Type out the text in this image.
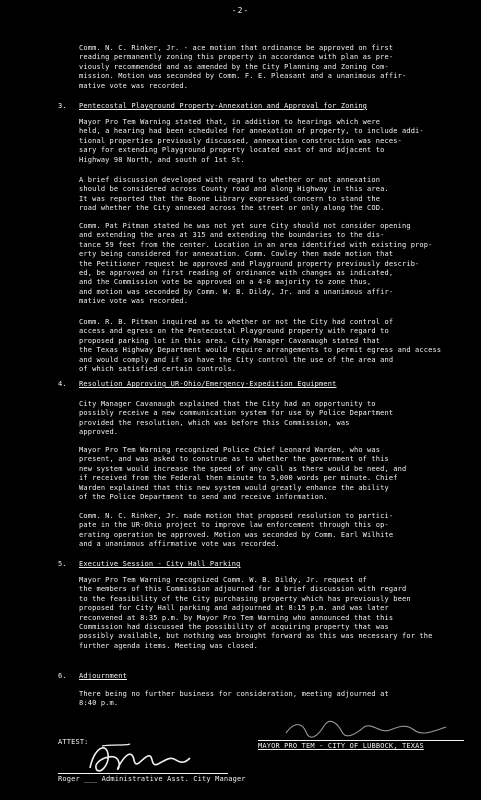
-2-
Comm. N. C. Rinker, Jr. - ace motion that ordinance be approved on first
reading permanently zoning this property in accordance with plan as pre-
viously recommended and as amended by the City Planning and Zoning Com-
mission. Motion was seconded by Comm. F. E. Pleasant and a unanimous affir-
mative vote was recorded.
3. Pentecostal Playground Property-Annexation and Approval for Zoning
Mayor Pro Tem Warning stated that, in addition to hearings which were
held, a hearing had been scheduled for annexation of property, to include addi-
tional properties previously discussed, annexation construction was neces-
sary for extending Playground property located east of and adjacent to
Highway 98 North, and south of 1st St.
A brief discussion developed with regard to whether or not annexation
should be considered across County road and along Highway in this area.
It was reported that the Boone Library expressed concern to stand the
road whether the City annexed across the street or only along the COD.
Comm. Pat Pitman stated he was not yet sure City should not consider opening
and extending the area at 315 and extending the boundaries to the dis-
tance 59 feet from the center. Location in an area identified with existing prop-
erty being considered for annexation. Comm. Cowley then made motion that
the Petitioner request be approved and Playground property previously describ-
ed, be approved on first reading of ordinance with changes as indicated,
and the Commission vote be approved on a 4-0 majority to zone thus,
and motion was seconded by Comm. W. B. Dildy, Jr. and a unanimous affir-
mative vote was recorded.
Comm. R. B. Pitman inquired as to whether or not the City had control of
access and egress on the Pentecostal Playground property with regard to
proposed parking lot in this area. City Manager Cavanaugh stated that
the Texas Highway Department would require arrangements to permit egress and access
and would comply and if so have the City control the use of the area and
of which satisfied certain controls.
4. Resolution Approving UR-Ohio/Emergency-Expedition Equipment
City Manager Cavanaugh explained that the City had an opportunity to
possibly receive a new communication system for use by Police Department
provided the resolution, which was before this Commission, was
approved.
Mayor Pro Tem Warning recognized Police Chief Leonard Warden, who was
present, and was asked to construe as to whether the government of this
new system would increase the speed of any call as there would be need, and
if received from the Federal then minute to 5,000 words per minute. Chief
Warden explained that this new system would greatly enhance the ability
of the Police Department to send and receive information.
Comm. N. C. Rinker, Jr. made motion that proposed resolution to partici-
pate in the UR-Ohio project to improve law enforcement through this op-
erating operation be approved. Motion was seconded by Comm. Earl Wilhite
and a unanimous affirmative vote was recorded.
5. Executive Session - City Hall Parking
Mayor Pro Tem Warning recognized Comm. W. B. Dildy, Jr. request of
the members of this Commission adjourned for a brief discussion with regard
to the feasibility of the City purchasing property which has previously been
proposed for City Hall parking and adjourned at 8:15 p.m. and was later
reconvened at 8:35 p.m. by Mayor Pro Tem Warning who announced that this
Commission had discussed the possibility of acquiring property that was
possibly available, but nothing was brought forward as this was necessary for the
further agenda items. Meeting was closed.
6. Adjournment
There being no further business for consideration, meeting adjourned at
8:40 p.m.
MAYOR PRO TEM - CITY OF LUBBOCK, TEXAS
ATTEST:
Roger ___ Administrative Asst. City Manager
